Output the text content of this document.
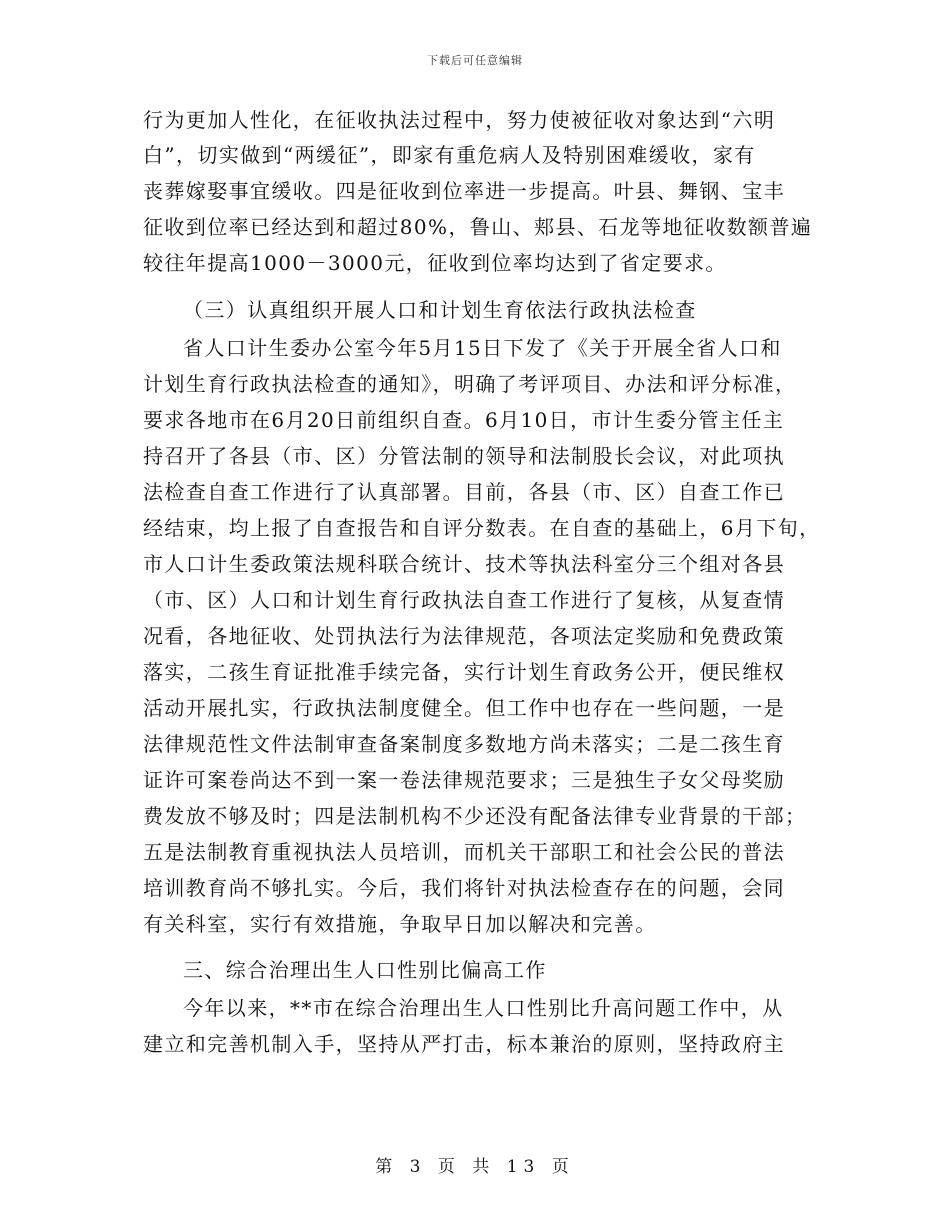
下载后可任意编辑
行为更加人性化，在征收执法过程中，努力使被征收对象达到“六明
白”，切实做到“两缓征”，即家有重危病人及特别困难缓收，家有
丧葬嫁娶事宜缓收。四是征收到位率进一步提高。叶县、舞钢、宝丰
征收到位率已经达到和超过80%，鲁山、郏县、石龙等地征收数额普遍
较往年提高1000－3000元，征收到位率均达到了省定要求。
（三）认真组织开展人口和计划生育依法行政执法检查
省人口计生委办公室今年5月15日下发了《关于开展全省人口和
计划生育行政执法检查的通知》，明确了考评项目、办法和评分标准，
要求各地市在6月20日前组织自查。6月10日，市计生委分管主任主
持召开了各县（市、区）分管法制的领导和法制股长会议，对此项执
法检查自查工作进行了认真部署。目前，各县（市、区）自查工作已
经结束，均上报了自查报告和自评分数表。在自查的基础上，6月下旬，
市人口计生委政策法规科联合统计、技术等执法科室分三个组对各县
（市、区）人口和计划生育行政执法自查工作进行了复核，从复查情
况看，各地征收、处罚执法行为法律规范，各项法定奖励和免费政策
落实，二孩生育证批准手续完备，实行计划生育政务公开，便民维权
活动开展扎实，行政执法制度健全。但工作中也存在一些问题，一是
法律规范性文件法制审查备案制度多数地方尚未落实；二是二孩生育
证许可案卷尚达不到一案一卷法律规范要求；三是独生子女父母奖励
费发放不够及时；四是法制机构不少还没有配备法律专业背景的干部；
五是法制教育重视执法人员培训，而机关干部职工和社会公民的普法
培训教育尚不够扎实。今后，我们将针对执法检查存在的问题，会同
有关科室，实行有效措施，争取早日加以解决和完善。
三、综合治理出生人口性别比偏高工作
今年以来，**市在综合治理出生人口性别比升高问题工作中，从
建立和完善机制入手，坚持从严打击，标本兼治的原则，坚持政府主
第 3 页 共 13 页
